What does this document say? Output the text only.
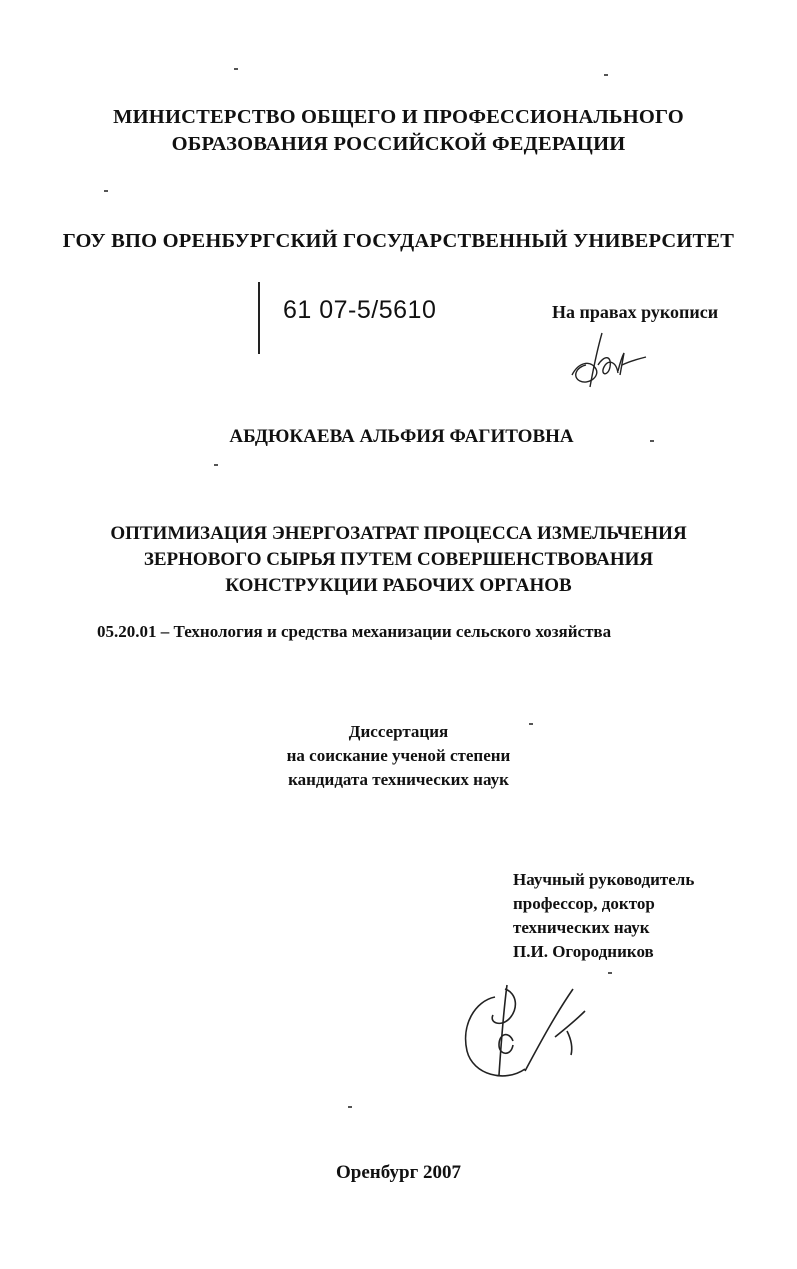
МИНИСТЕРСТВО ОБЩЕГО И ПРОФЕССИОНАЛЬНОГО
ОБРАЗОВАНИЯ РОССИЙСКОЙ ФЕДЕРАЦИИ
ГОУ ВПО ОРЕНБУРГСКИЙ ГОСУДАРСТВЕННЫЙ УНИВЕРСИТЕТ
61 07-5/5610	На правах рукописи
АБДЮКАЕВА АЛЬФИЯ ФАГИТОВНА
ОПТИМИЗАЦИЯ ЭНЕРГОЗАТРАТ ПРОЦЕССА ИЗМЕЛЬЧЕНИЯ
ЗЕРНОВОГО СЫРЬЯ ПУТЕМ СОВЕРШЕНСТВОВАНИЯ
КОНСТРУКЦИИ РАБОЧИХ ОРГАНОВ
05.20.01 – Технология и средства механизации сельского хозяйства
Диссертация
на соискание ученой степени
кандидата технических наук
Научный руководитель
профессор, доктор
технических наук
П.И. Огородников
Оренбург 2007
